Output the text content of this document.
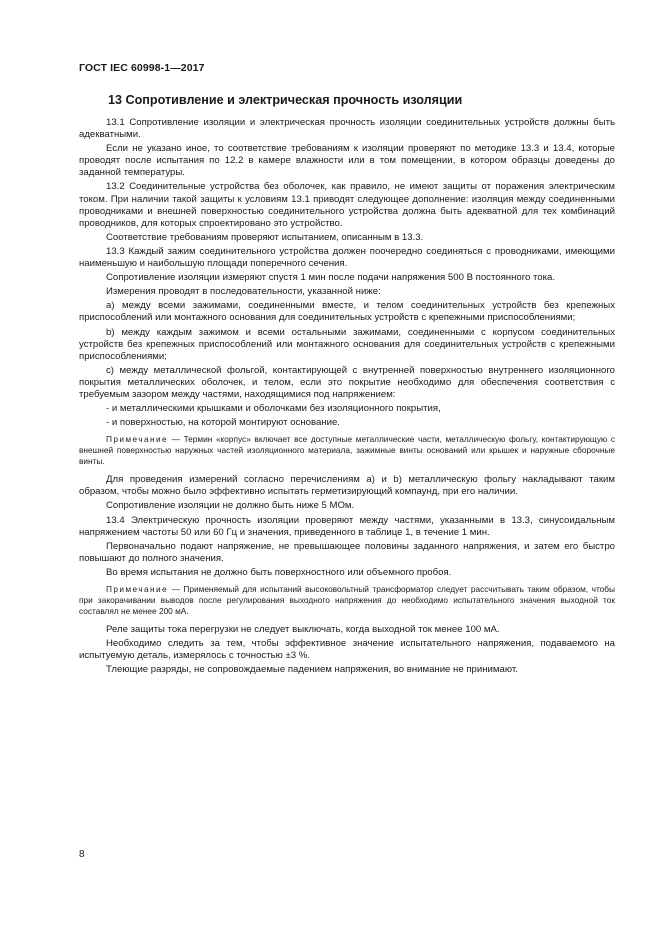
ГОСТ IEC 60998-1—2017
13 Сопротивление и электрическая прочность изоляции

13.1 Сопротивление изоляции и электрическая прочность изоляции соединительных устройств должны быть адекватными.

Если не указано иное, то соответствие требованиям к изоляции проверяют по методике 13.3 и 13.4, которые проводят после испытания по 12.2 в камере влажности или в том помещении, в котором образцы доведены до заданной температуры.

13.2 Соединительные устройства без оболочек, как правило, не имеют защиты от поражения электрическим током. При наличии такой защиты к условиям 13.1 приводят следующее дополнение: изоляция между соединенными проводниками и внешней поверхностью соединительного устройства должна быть адекватной для тех комбинаций проводников, для которых спроектировано это устройство.

Соответствие требованиям проверяют испытанием, описанным в 13.3.

13.3 Каждый зажим соединительного устройства должен поочередно соединяться с проводниками, имеющими наименьшую и наибольшую площади поперечного сечения.

Сопротивление изоляции измеряют спустя 1 мин после подачи напряжения 500 В постоянного тока.

Измерения проводят в последовательности, указанной ниже:

a) между всеми зажимами, соединенными вместе, и телом соединительных устройств без крепежных приспособлений или монтажного основания для соединительных устройств с крепежными приспособлениями;

b) между каждым зажимом и всеми остальными зажимами, соединенными с корпусом соединительных устройств без крепежных приспособлений или монтажного основания для соединительных устройств с крепежными приспособлениями;

c) между металлической фольгой, контактирующей с внутренней поверхностью внутреннего изоляционного покрытия металлических оболочек, и телом, если это покрытие необходимо для обеспечения соответствия с требуемым зазором между частями, находящимися под напряжением:

- и металлическими крышками и оболочками без изоляционного покрытия,

- и поверхностью, на которой монтируют основание.

Примечание — Термин «корпус» включает все доступные металлические части, металлическую фольгу, контактирующую с внешней поверхностью наружных частей изоляционного материала, зажимные винты оснований или крышек и наружные сборочные винты.

Для проведения измерений согласно перечислениям a) и b) металлическую фольгу накладывают таким образом, чтобы можно было эффективно испытать герметизирующий компаунд, при его наличии.

Сопротивление изоляции не должно быть ниже 5 МОм.

13.4 Электрическую прочность изоляции проверяют между частями, указанными в 13.3, синусоидальным напряжением частоты 50 или 60 Гц и значения, приведенного в таблице 1, в течение 1 мин.

Первоначально подают напряжение, не превышающее половины заданного напряжения, и затем его быстро повышают до полного значения.

Во время испытания не должно быть поверхностного или объемного пробоя.

Примечание — Применяемый для испытаний высоковольтный трансформатор следует рассчитывать таким образом, чтобы при закорачивании выводов после регулирования выходного напряжения до необходимо испытательного значения выходной ток составлял не менее 200 мА.

Реле защиты тока перегрузки не следует выключать, когда выходной ток менее 100 мА.

Необходимо следить за тем, чтобы эффективное значение испытательного напряжения, подаваемого на испытуемую деталь, измерялось с точностью ±3 %.

Тлеющие разряды, не сопровождаемые падением напряжения, во внимание не принимают.

8
